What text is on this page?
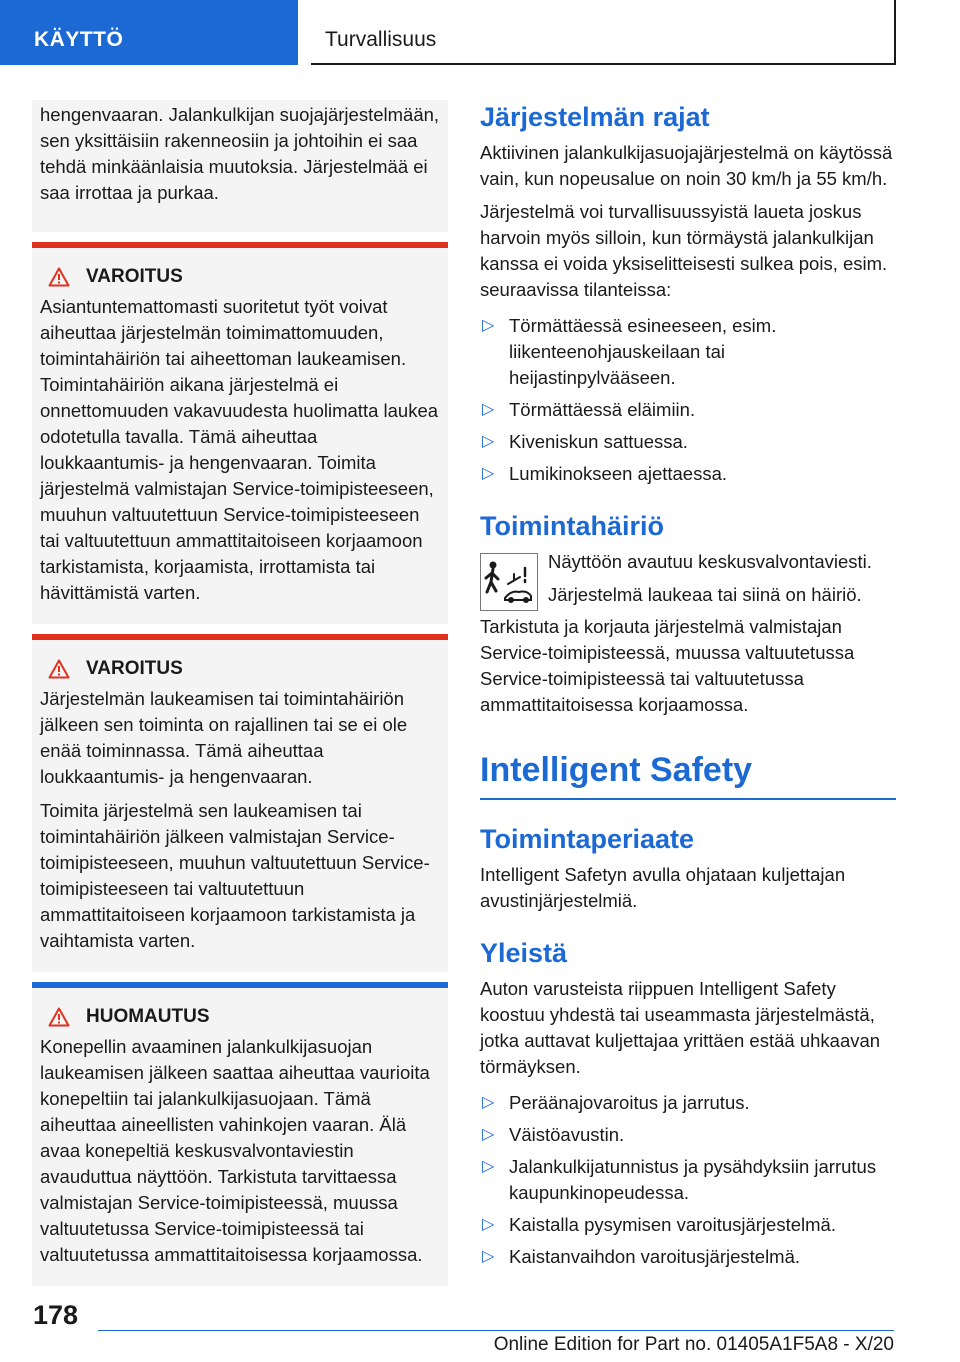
KÄYTTÖ	Turvallisuus

hengenvaaran. Jalankulkijan suojajärjestelmään, sen yksittäisiin rakenneosiin ja johtoihin ei saa tehdä minkäänlaisia muutoksia. Järjestelmää ei saa irrottaa ja purkaa.

VAROITUS

Asiantuntemattomasti suoritetut työt voivat aiheuttaa järjestelmän toimimattomuuden, toimintahäiriön tai aiheettoman laukeamisen. Toimintahäiriön aikana järjestelmä ei onnettomuuden vakavuudesta huolimatta laukea odotetulla tavalla. Tämä aiheuttaa loukkaantumis- ja hengenvaaran. Toimita järjestelmä valmistajan Service-toimipisteeseen, muuhun valtuutettuun Service-toimipisteeseen tai valtuutettuun ammattitaitoiseen korjaamoon tarkistamista, korjaamista, irrottamista tai hävittämistä varten.

VAROITUS

Järjestelmän laukeamisen tai toimintahäiriön jälkeen sen toiminta on rajallinen tai se ei ole enää toiminnassa. Tämä aiheuttaa loukkaantumis- ja hengenvaaran.

Toimita järjestelmä sen laukeamisen tai toimintahäiriön jälkeen valmistajan Service-toimipisteeseen, muuhun valtuutettuun Service-toimipisteeseen tai valtuutettuun ammattitaitoiseen korjaamoon tarkistamista ja vaihtamista varten.

HUOMAUTUS

Konepellin avaaminen jalankulkijasuojan laukeamisen jälkeen saattaa aiheuttaa vaurioita konepeltiin tai jalankulkijasuojaan. Tämä aiheuttaa aineellisten vahinkojen vaaran. Älä avaa konepeltiä keskusvalvontaviestin avauduttua näyttöön. Tarkistuta tarvittaessa valmistajan Service-toimipisteessä, muussa valtuutetussa Service-toimipisteessä tai valtuutetussa ammattitaitoisessa korjaamossa.

Järjestelmän rajat

Aktiivinen jalankulkijasuojajärjestelmä on käytössä vain, kun nopeusalue on noin 30 km/h ja 55 km/h.

Järjestelmä voi turvallisuussyistä laueta joskus harvoin myös silloin, kun törmäystä jalankulkijan kanssa ei voida yksiselitteisesti sulkea pois, esim. seuraavissa tilanteissa:

▷ Törmättäessä esineeseen, esim. liikenteenohjauskeilaan tai heijastinpylvääseen.
▷ Törmättäessä eläimiin.
▷ Kiveniskun sattuessa.
▷ Lumikinokseen ajettaessa.
Toimintahäiriö

Näyttöön avautuu keskusvalvontaviesti.

Järjestelmä laukeaa tai siinä on häiriö.

Tarkistuta ja korjauta järjestelmä valmistajan Service-toimipisteessä, muussa valtuutetussa Service-toimipisteessä tai valtuutetussa ammattitaitoisessa korjaamossa.

Intelligent Safety
Toimintaperiaate

Intelligent Safetyn avulla ohjataan kuljettajan avustinjärjestelmiä.

Yleistä

Auton varusteista riippuen Intelligent Safety koostuu yhdestä tai useammasta järjestelmästä, jotka auttavat kuljettajaa yrittäen estää uhkaavan törmäyksen.

▷ Peräänajovaroitus ja jarrutus.
▷ Väistöavustin.
▷ Jalankulkijatunnistus ja pysähdyksiin jarrutus kaupunkinopeudessa.
▷ Kaistalla pysymisen varoitusjärjestelmä.
▷ Kaistanvaihdon varoitusjärjestelmä.
178
Online Edition for Part no. 01405A1F5A8 - X/20
